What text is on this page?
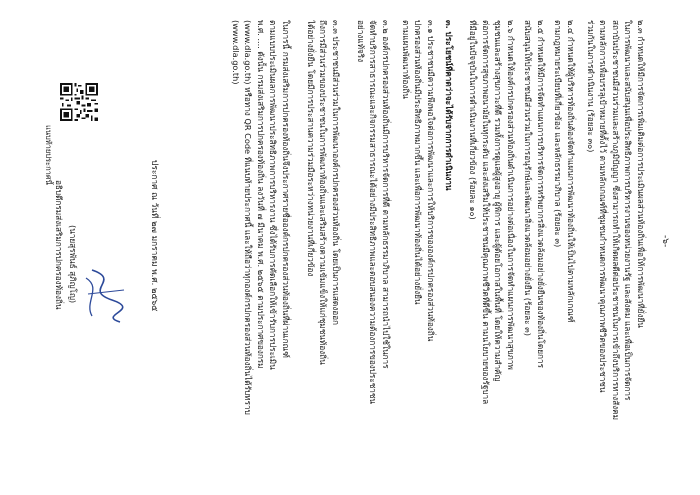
-๖-
๒.๓ กำหนดให้มีการจัดการเพิ่มเติมต่อการประเมินผลส่วนท้องถิ่นเพื่อให้การพัฒนาที่ยั่งยืน
ในการพัฒนาและสนับสนุนเพื่อประสิทธิภาพการบริหารงานของหน่วยงานรัฐ และสังคม และเพื่อเป็นการจัดการ
สถาบันประชาชนมีส่วนร่วมและสร้างภูมิปัญญา ซึ่งสามารถทำให้เกิดผลดีต่อประชาชนในการเข้าถึงบริการทางสังคม
ตามหลักการเพื่อบรรลุเป้าหมายที่ตั้งไว้ ตามหลักเกณฑ์ที่ชุมชนกำหนดการพัฒนาคุณภาพชีวิตของประชาชน
ร่วมกันในการดำเนินงาน (ร้อยละ ๓๐)
๒.๔ กำหนดให้ผู้บริหารท้องถิ่นต้องจัดทำแผนการพัฒนาท้องถิ่นให้เป็นไปตามหลักเกณฑ์
ตามกฎหมายระเบียบที่เกี่ยวข้อง และหลักธรรมาภิบาล (ร้อยละ ๓)
๒.๕ กำหนดให้มีการจัดทำแผนการบริหารจัดการทรัพยากรสิ่งแวดล้อมอย่างยั่งยืนของท้องถิ่นโดยการ
สนับสนุนให้ประชาชนมีส่วนร่วมในการอนุรักษ์และพัฒนาสิ่งแวดล้อมอย่างยั่งยืน (ร้อยละ ๓)
๒.๖ กำหนดให้องค์กรปกครองส่วนท้องถิ่นดำเนินการอย่างต่อเนื่องในการจัดทำแผนการพัฒนาสุขภาพ
ชุมชนและสร้างสุขภาวะที่ดี รวมทั้งการดูแลผู้สูงอายุ ผู้พิการ และผู้ด้อยโอกาสในพื้นที่ โดยให้ความสำคัญ
ต่อการจัดการสุขภาพอนามัยในทุกระดับ และส่งเสริมให้ประชาชนมีคุณภาพชีวิตที่ดีขึ้น ตามนโยบายของรัฐบาล
ที่มีอยู่ในปัจจุบันในการดำเนินงานที่เกี่ยวข้อง (ร้อยละ ๑๐)
๓. ประโยชน์ที่คาดว่าจะได้รับจากการดำเนินงาน
๓.๑ ประชาชนมีความพึงพอใจต่อการพัฒนาและการให้บริการขององค์กรปกครองส่วนท้องถิ่น
ปกครองส่วนท้องถิ่นมีประสิทธิภาพมากขึ้น และเพื่อการพัฒนาท้องถิ่นได้อย่างยั่งยืน
ตามแผนพัฒนาท้องถิ่น
๓.๒ องค์กรปกครองส่วนท้องถิ่นมีการบริหารจัดการที่ดี ตามหลักธรรมาภิบาล สามารถนำไปใช้ในการ
จัดทำบริการสาธารณะและกิจกรรมสาธารณะได้อย่างมีประสิทธิภาพและตอบสนองความต้องการของประชาชน
อย่างแท้จริง
๓.๓ ประชาชนมีส่วนร่วมในการพัฒนาองค์กรปกครองส่วนท้องถิ่น โดยเป็นการแสดงออก
ถึงการมีส่วนร่วมของประชาชนในการพัฒนาท้องถิ่นและเสริมสร้างความเข้มแข็งให้แก่ชุมชนท้องถิ่น
ได้อย่างยั่งยืน โดยมีการประสานความร่วมมือระหว่างหน่วยงานที่เกี่ยวข้อง
ในการนี้ กรมส่งเสริมการปกครองท้องถิ่นจึงประกาศรายชื่อองค์กรปกครองส่วนท้องถิ่นที่ผ่านเกณฑ์
ตามแบบประเมินผลการพัฒนาประสิทธิภาพการบริหารงาน ซึ่งได้รับการคัดเลือกให้เข้ารับการประเมิน
พ.ศ. .... ดังนั้น กรมส่งเสริมการปกครองท้องถิ่น ลงวันที่ ๗ มีนาคม พ.ศ. ๒๕๖๕ ตามประกาศของกรม
(www.dla.go.th) หรือทาง QR Code ที่แนบท้ายประกาศนี้ และให้ถือว่าทุกองค์กรปกครองส่วนท้องถิ่นได้รับทราบ
(www.dla.go.th)
ประกาศ ณ วันที่ ๒๗ มกราคม พ.ศ. ๒๕๖๕
(นายสุรพันธ์ สุภิญโญ)
อธิบดีกรมส่งเสริมการปกครองท้องถิ่น
แนบท้ายประกาศนี้
